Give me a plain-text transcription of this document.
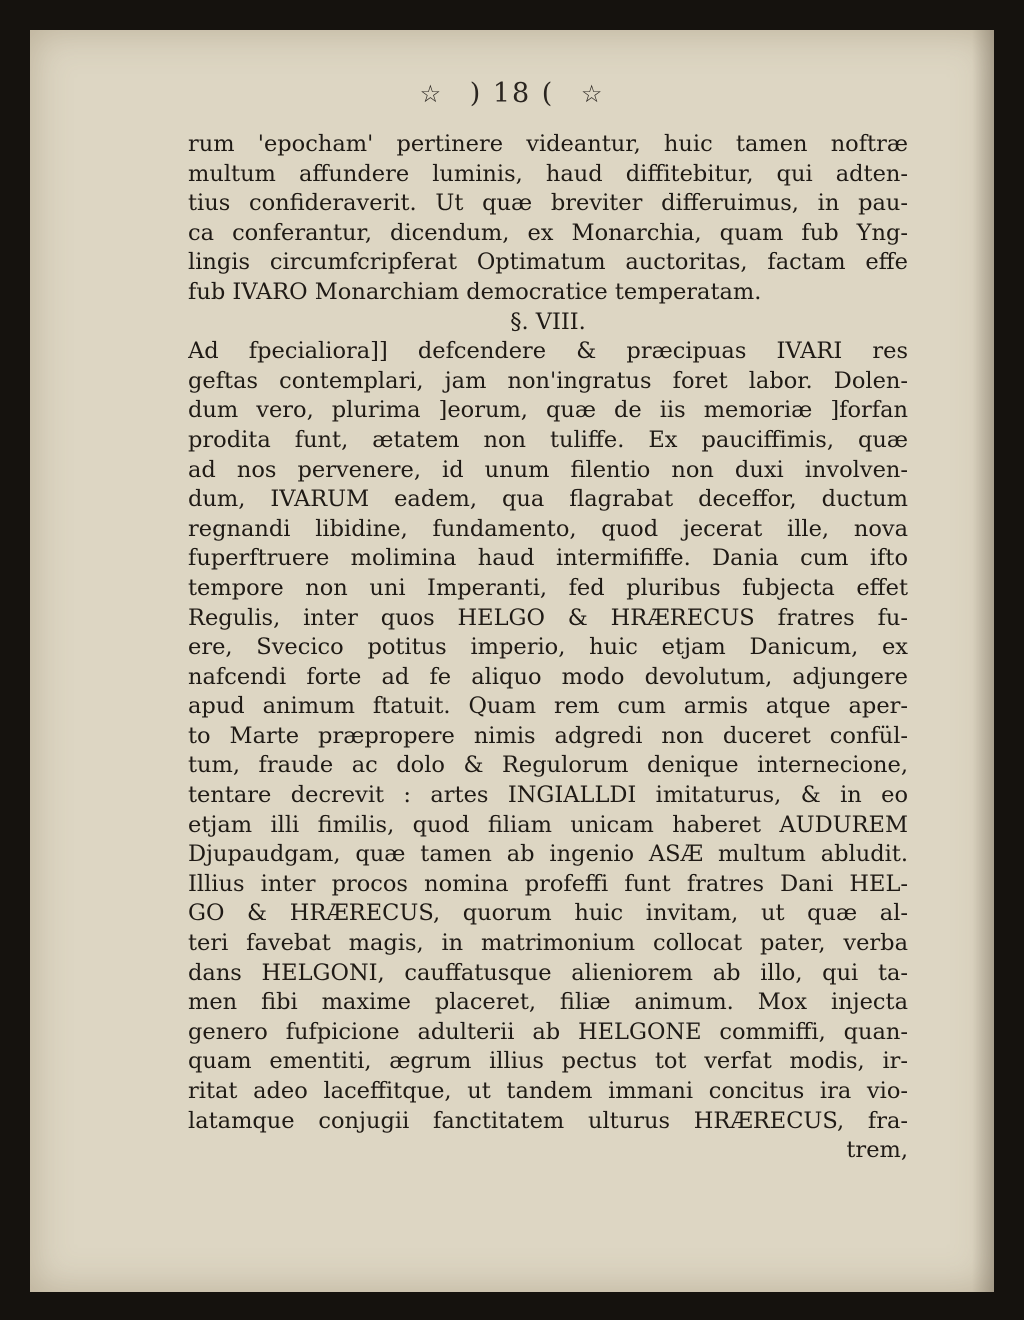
☆ ) 18 ( ☆
rum 'epocham' pertinere videantur, huic tamen noftræ
multum affundere luminis, haud diffitebitur, qui adten-
tius confideraverit. Ut quæ breviter differuimus, in pau-
ca conferantur, dicendum, ex Monarchia, quam fub Yng-
lingis circumfcripferat Optimatum auctoritas, factam effe
fub IVARO Monarchiam democratice temperatam.
§. VIII.
Ad fpecialiora]] defcendere & præcipuas IVARI res
geftas contemplari, jam non'ingratus foret labor. Dolen-
dum vero, plurima ]eorum, quæ de iis memoriæ ]forfan
prodita funt, ætatem non tuliffe. Ex pauciffimis, quæ
ad nos pervenere, id unum filentio non duxi involven-
dum, IVARUM eadem, qua flagrabat deceffor, ductum
regnandi libidine, fundamento, quod jecerat ille, nova
fuperftruere molimina haud intermififfe. Dania cum ifto
tempore non uni Imperanti, fed pluribus fubjecta effet
Regulis, inter quos HELGO & HRÆRECUS fratres fu-
ere, Svecico potitus imperio, huic etjam Danicum, ex
nafcendi forte ad fe aliquo modo devolutum, adjungere
apud animum ftatuit. Quam rem cum armis atque aper-
to Marte præpropere nimis adgredi non duceret confül-
tum, fraude ac dolo & Regulorum denique internecione,
tentare decrevit : artes INGIALLDI imitaturus, & in eo
etjam illi fimilis, quod filiam unicam haberet AUDUREM
Djupaudgam, quæ tamen ab ingenio ASÆ multum abludit.
Illius inter procos nomina profeffi funt fratres Dani HEL-
GO & HRÆRECUS, quorum huic invitam, ut quæ al-
teri favebat magis, in matrimonium collocat pater, verba
dans HELGONI, cauffatusque alieniorem ab illo, qui ta-
men fibi maxime placeret, filiæ animum. Mox injecta
genero fufpicione adulterii ab HELGONE commiffi, quan-
quam ementiti, ægrum illius pectus tot verfat modis, ir-
ritat adeo laceffitque, ut tandem immani concitus ira vio-
latamque conjugii fanctitatem ulturus HRÆRECUS, fra-
trem,
